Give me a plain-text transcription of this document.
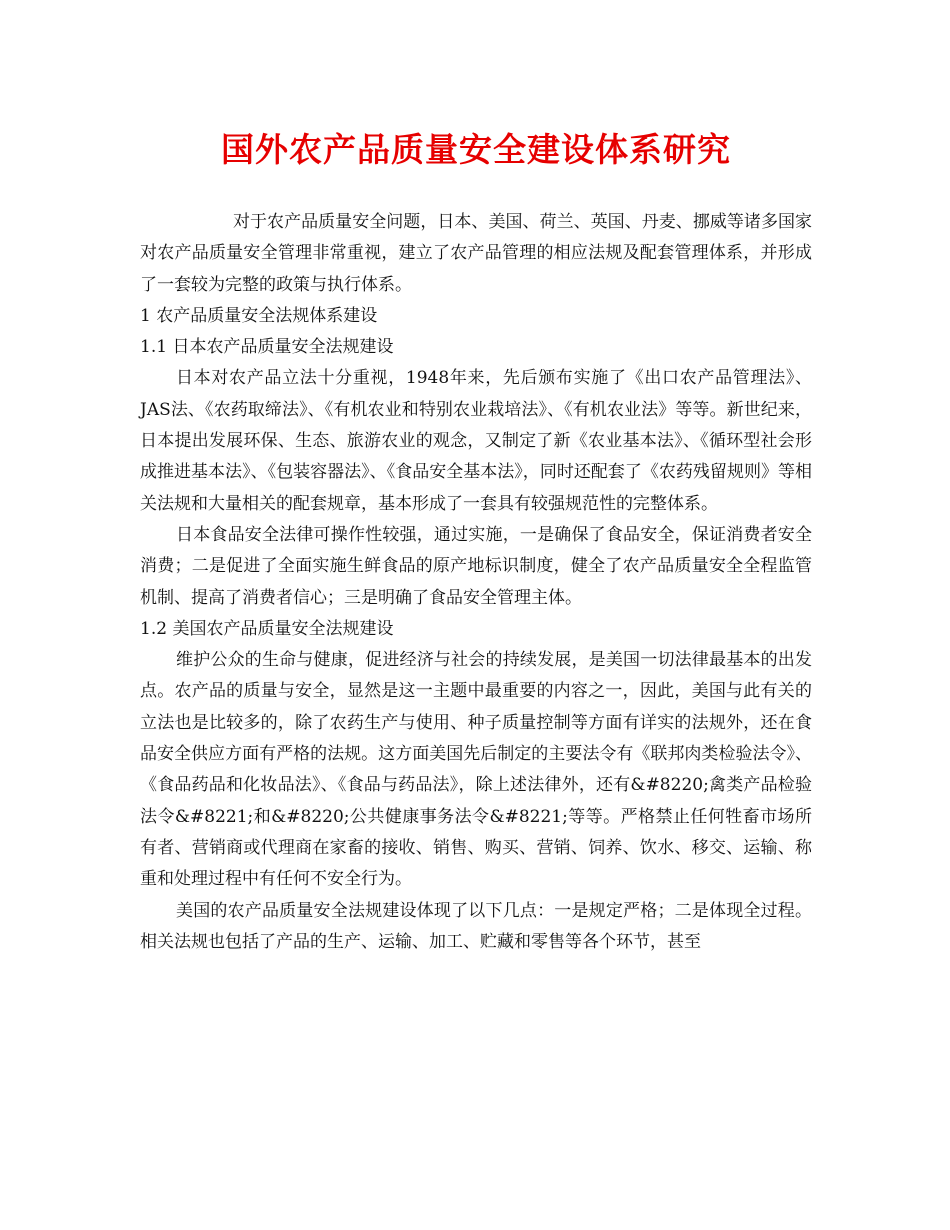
国外农产品质量安全建设体系研究

对于农产品质量安全问题，日本、美国、荷兰、英国、丹麦、挪威等诸多国家对农产品质量安全管理非常重视，建立了农产品管理的相应法规及配套管理体系，并形成了一套较为完整的政策与执行体系。

1 农产品质量安全法规体系建设

1.1 日本农产品质量安全法规建设

日本对农产品立法十分重视，1948年来，先后颁布实施了《出口农产品管理法》、JAS法、《农药取缔法》、《有机农业和特别农业栽培法》、《有机农业法》等等。新世纪来，日本提出发展环保、生态、旅游农业的观念，又制定了新《农业基本法》、《循环型社会形成推进基本法》、《包装容器法》、《食品安全基本法》，同时还配套了《农药残留规则》等相关法规和大量相关的配套规章，基本形成了一套具有较强规范性的完整体系。

日本食品安全法律可操作性较强，通过实施，一是确保了食品安全，保证消费者安全消费；二是促进了全面实施生鲜食品的原产地标识制度，健全了农产品质量安全全程监管机制、提高了消费者信心；三是明确了食品安全管理主体。

1.2 美国农产品质量安全法规建设

维护公众的生命与健康，促进经济与社会的持续发展，是美国一切法律最基本的出发点。农产品的质量与安全，显然是这一主题中最重要的内容之一，因此，美国与此有关的立法也是比较多的，除了农药生产与使用、种子质量控制等方面有详实的法规外，还在食品安全供应方面有严格的法规。这方面美国先后制定的主要法令有《联邦肉类检验法令》、《食品药品和化妆品法》、《食品与药品法》，除上述法律外，还有&#8220;禽类产品检验法令&#8221;和&#8220;公共健康事务法令&#8221;等等。严格禁止任何牲畜市场所有者、营销商或代理商在家畜的接收、销售、购买、营销、饲养、饮水、移交、运输、称重和处理过程中有任何不安全行为。

美国的农产品质量安全法规建设体现了以下几点：一是规定严格；二是体现全过程。相关法规也包括了产品的生产、运输、加工、贮藏和零售等各个环节，甚至
